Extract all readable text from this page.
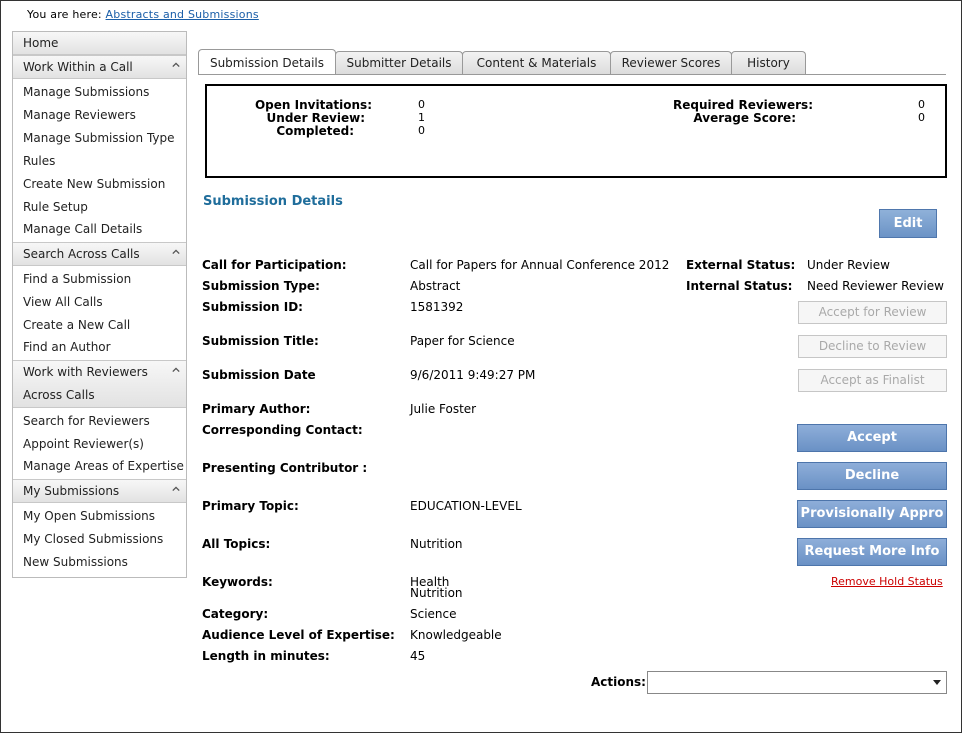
You are here: Abstracts and Submissions
Home
Work Within a Call
Manage Submissions
Manage Reviewers
Manage Submission Type
Rules
Create New Submission
Rule Setup
Manage Call Details
Search Across Calls
Find a Submission
View All Calls
Create a New Call
Find an Author
Work with Reviewers
Across Calls
Search for Reviewers
Appoint Reviewer(s)
Manage Areas of Expertise
My Submissions
My Open Submissions
My Closed Submissions
New Submissions
Submission Details	Submitter Details	Content & Materials	Reviewer Scores	History
Open Invitations:	0
Under Review:	1
Completed:	0
Required Reviewers:	0
Average Score:	0
Submission Details
Edit
Call for Participation:	Call for Papers for Annual Conference 2012
Submission Type:	Abstract
Submission ID:	1581392
Submission Title:	Paper for Science
Submission Date	9/6/2011 9:49:27 PM
Primary Author:	Julie Foster
Corresponding Contact:
Presenting Contributor :
Primary Topic:	EDUCATION-LEVEL
All Topics:	Nutrition
Keywords:	Health
Nutrition
Category:	Science
Audience Level of Expertise: Knowledgeable
Length in minutes:	45
External Status: Under Review
Internal Status: Need Reviewer Review
Accept for Review
Decline to Review
Accept as Finalist
Accept
Decline
Provisionally Appro
Request More Info
Remove Hold Status
Actions:
